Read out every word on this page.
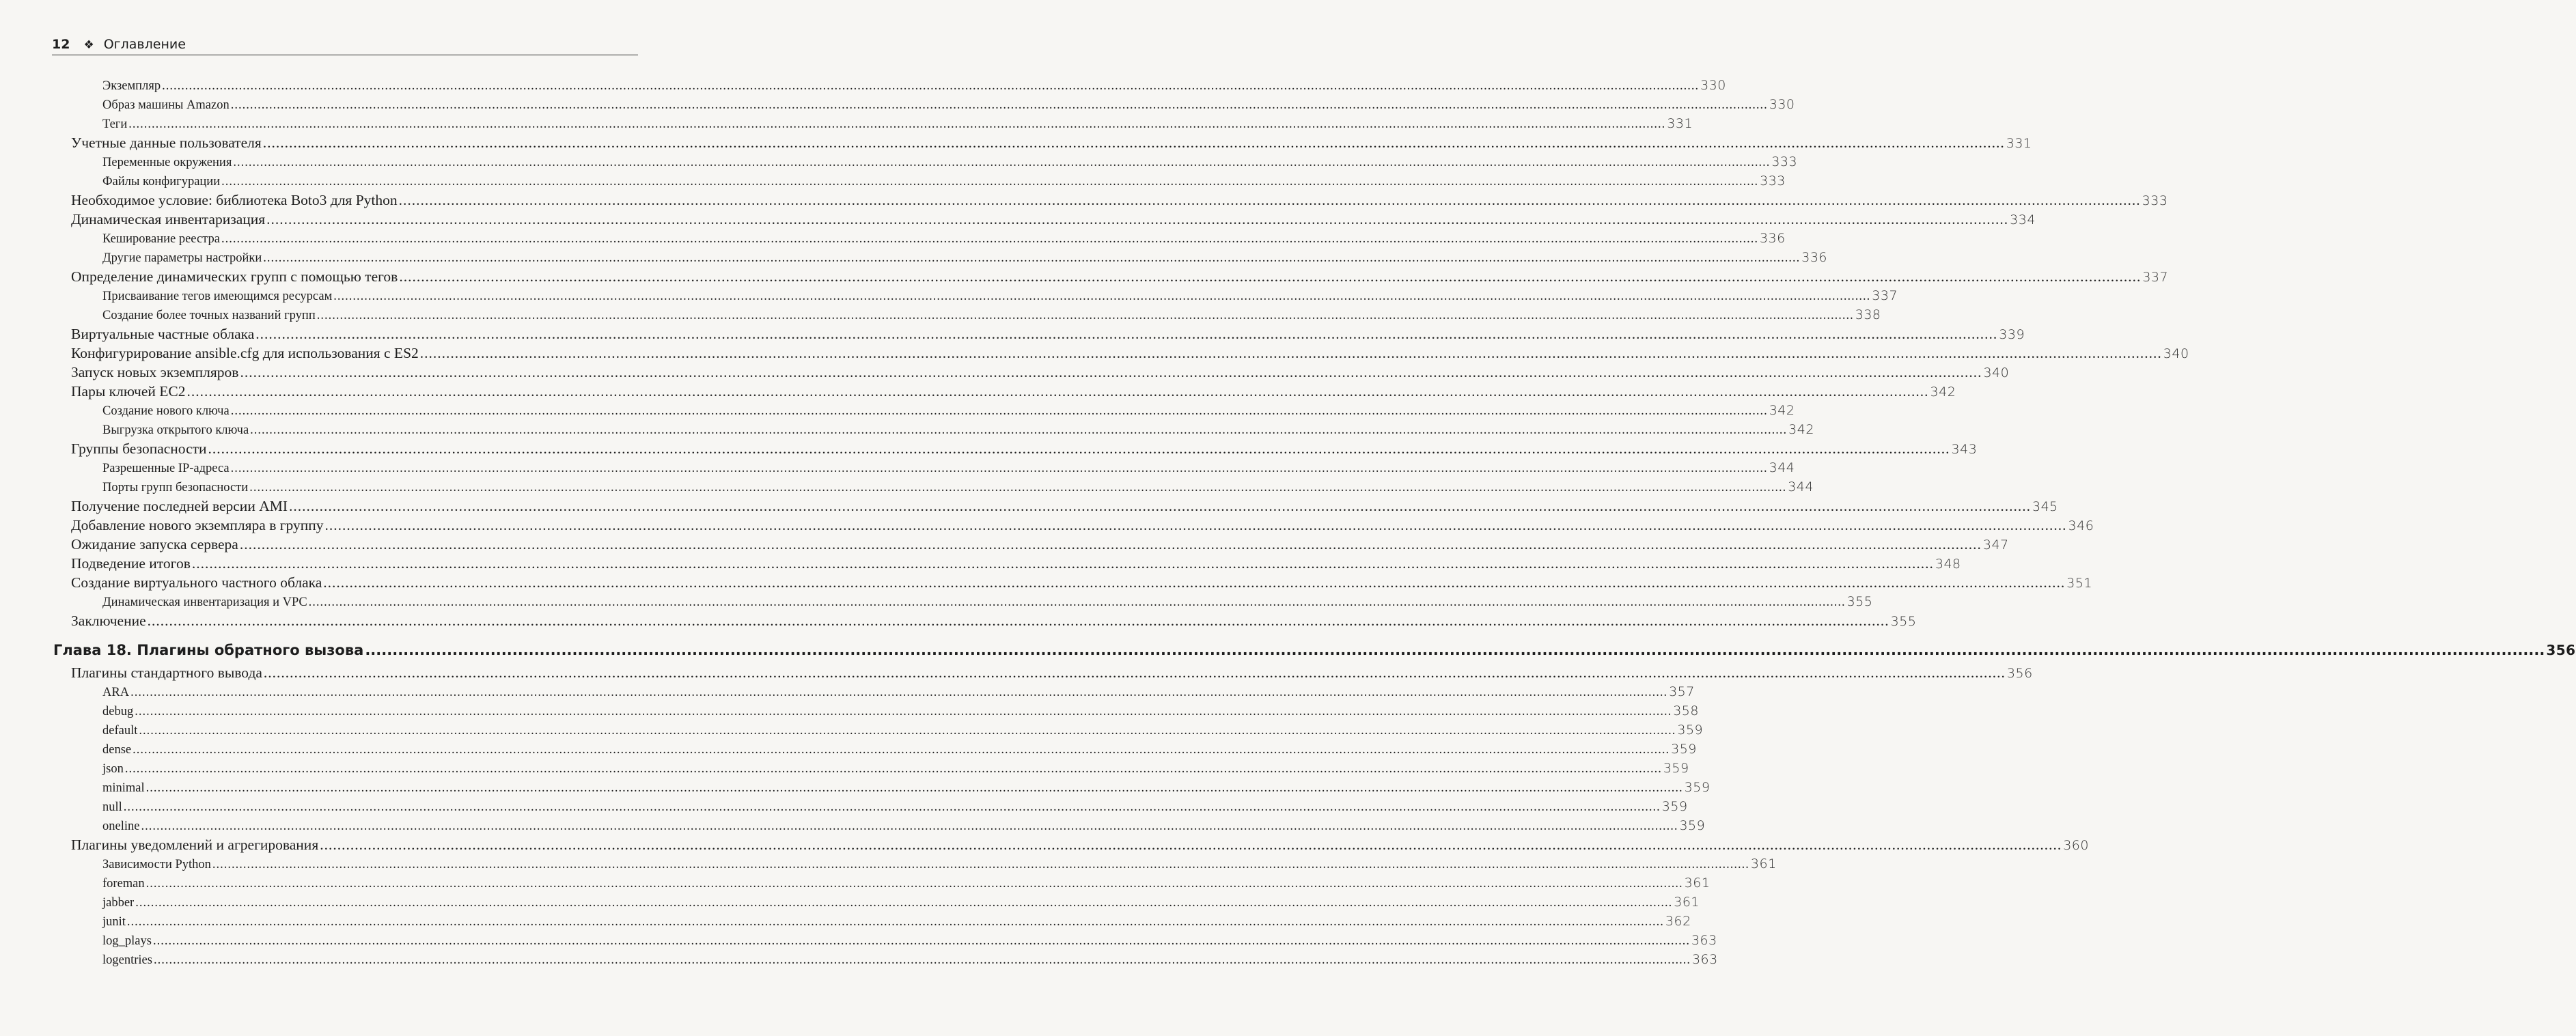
12 ❖ Оглавление
Экземпляр ................................................................................................................................................................................................................................................................................................................................................................................................................ 330
Образ машины Amazon ................................................................................................................................................................................................................................................................................................................................................................................................................ 330
Теги ................................................................................................................................................................................................................................................................................................................................................................................................................ 331
Учетные данные пользователя ................................................................................................................................................................................................................................................................................................................................................................................................................ 331
Переменные окружения ................................................................................................................................................................................................................................................................................................................................................................................................................ 333
Файлы конфигурации ................................................................................................................................................................................................................................................................................................................................................................................................................ 333
Необходимое условие: библиотека Boto3 для Python ................................................................................................................................................................................................................................................................................................................................................................................................................ 333
Динамическая инвентаризация ................................................................................................................................................................................................................................................................................................................................................................................................................ 334
Кеширование реестра ................................................................................................................................................................................................................................................................................................................................................................................................................ 336
Другие параметры настройки ................................................................................................................................................................................................................................................................................................................................................................................................................ 336
Определение динамических групп с помощью тегов ................................................................................................................................................................................................................................................................................................................................................................................................................ 337
Присваивание тегов имеющимся ресурсам ................................................................................................................................................................................................................................................................................................................................................................................................................ 337
Создание более точных названий групп ................................................................................................................................................................................................................................................................................................................................................................................................................ 338
Виртуальные частные облака ................................................................................................................................................................................................................................................................................................................................................................................................................ 339
Конфигурирование ansible.cfg для использования с ES2 ................................................................................................................................................................................................................................................................................................................................................................................................................ 340
Запуск новых экземпляров ................................................................................................................................................................................................................................................................................................................................................................................................................ 340
Пары ключей EC2 ................................................................................................................................................................................................................................................................................................................................................................................................................ 342
Создание нового ключа ................................................................................................................................................................................................................................................................................................................................................................................................................ 342
Выгрузка открытого ключа ................................................................................................................................................................................................................................................................................................................................................................................................................ 342
Группы безопасности ................................................................................................................................................................................................................................................................................................................................................................................................................ 343
Разрешенные IP-адреса ................................................................................................................................................................................................................................................................................................................................................................................................................ 344
Порты групп безопасности ................................................................................................................................................................................................................................................................................................................................................................................................................ 344
Получение последней версии AMI ................................................................................................................................................................................................................................................................................................................................................................................................................ 345
Добавление нового экземпляра в группу ................................................................................................................................................................................................................................................................................................................................................................................................................ 346
Ожидание запуска сервера ................................................................................................................................................................................................................................................................................................................................................................................................................ 347
Подведение итогов ................................................................................................................................................................................................................................................................................................................................................................................................................ 348
Создание виртуального частного облака ................................................................................................................................................................................................................................................................................................................................................................................................................ 351
Динамическая инвентаризация и VPC ................................................................................................................................................................................................................................................................................................................................................................................................................ 355
Заключение ................................................................................................................................................................................................................................................................................................................................................................................................................ 355
Глава 18. Плагины обратного вызова ................................................................................................................................................................................................................................................................................................................................................................................................................ 356
Плагины стандартного вывода ................................................................................................................................................................................................................................................................................................................................................................................................................ 356
ARA ................................................................................................................................................................................................................................................................................................................................................................................................................ 357
debug ................................................................................................................................................................................................................................................................................................................................................................................................................ 358
default ................................................................................................................................................................................................................................................................................................................................................................................................................ 359
dense ................................................................................................................................................................................................................................................................................................................................................................................................................ 359
json ................................................................................................................................................................................................................................................................................................................................................................................................................ 359
minimal ................................................................................................................................................................................................................................................................................................................................................................................................................ 359
null ................................................................................................................................................................................................................................................................................................................................................................................................................ 359
oneline ................................................................................................................................................................................................................................................................................................................................................................................................................ 359
Плагины уведомлений и агрегирования ................................................................................................................................................................................................................................................................................................................................................................................................................ 360
Зависимости Python ................................................................................................................................................................................................................................................................................................................................................................................................................ 361
foreman ................................................................................................................................................................................................................................................................................................................................................................................................................ 361
jabber ................................................................................................................................................................................................................................................................................................................................................................................................................ 361
junit ................................................................................................................................................................................................................................................................................................................................................................................................................ 362
log_plays ................................................................................................................................................................................................................................................................................................................................................................................................................ 363
logentries ................................................................................................................................................................................................................................................................................................................................................................................................................ 363
